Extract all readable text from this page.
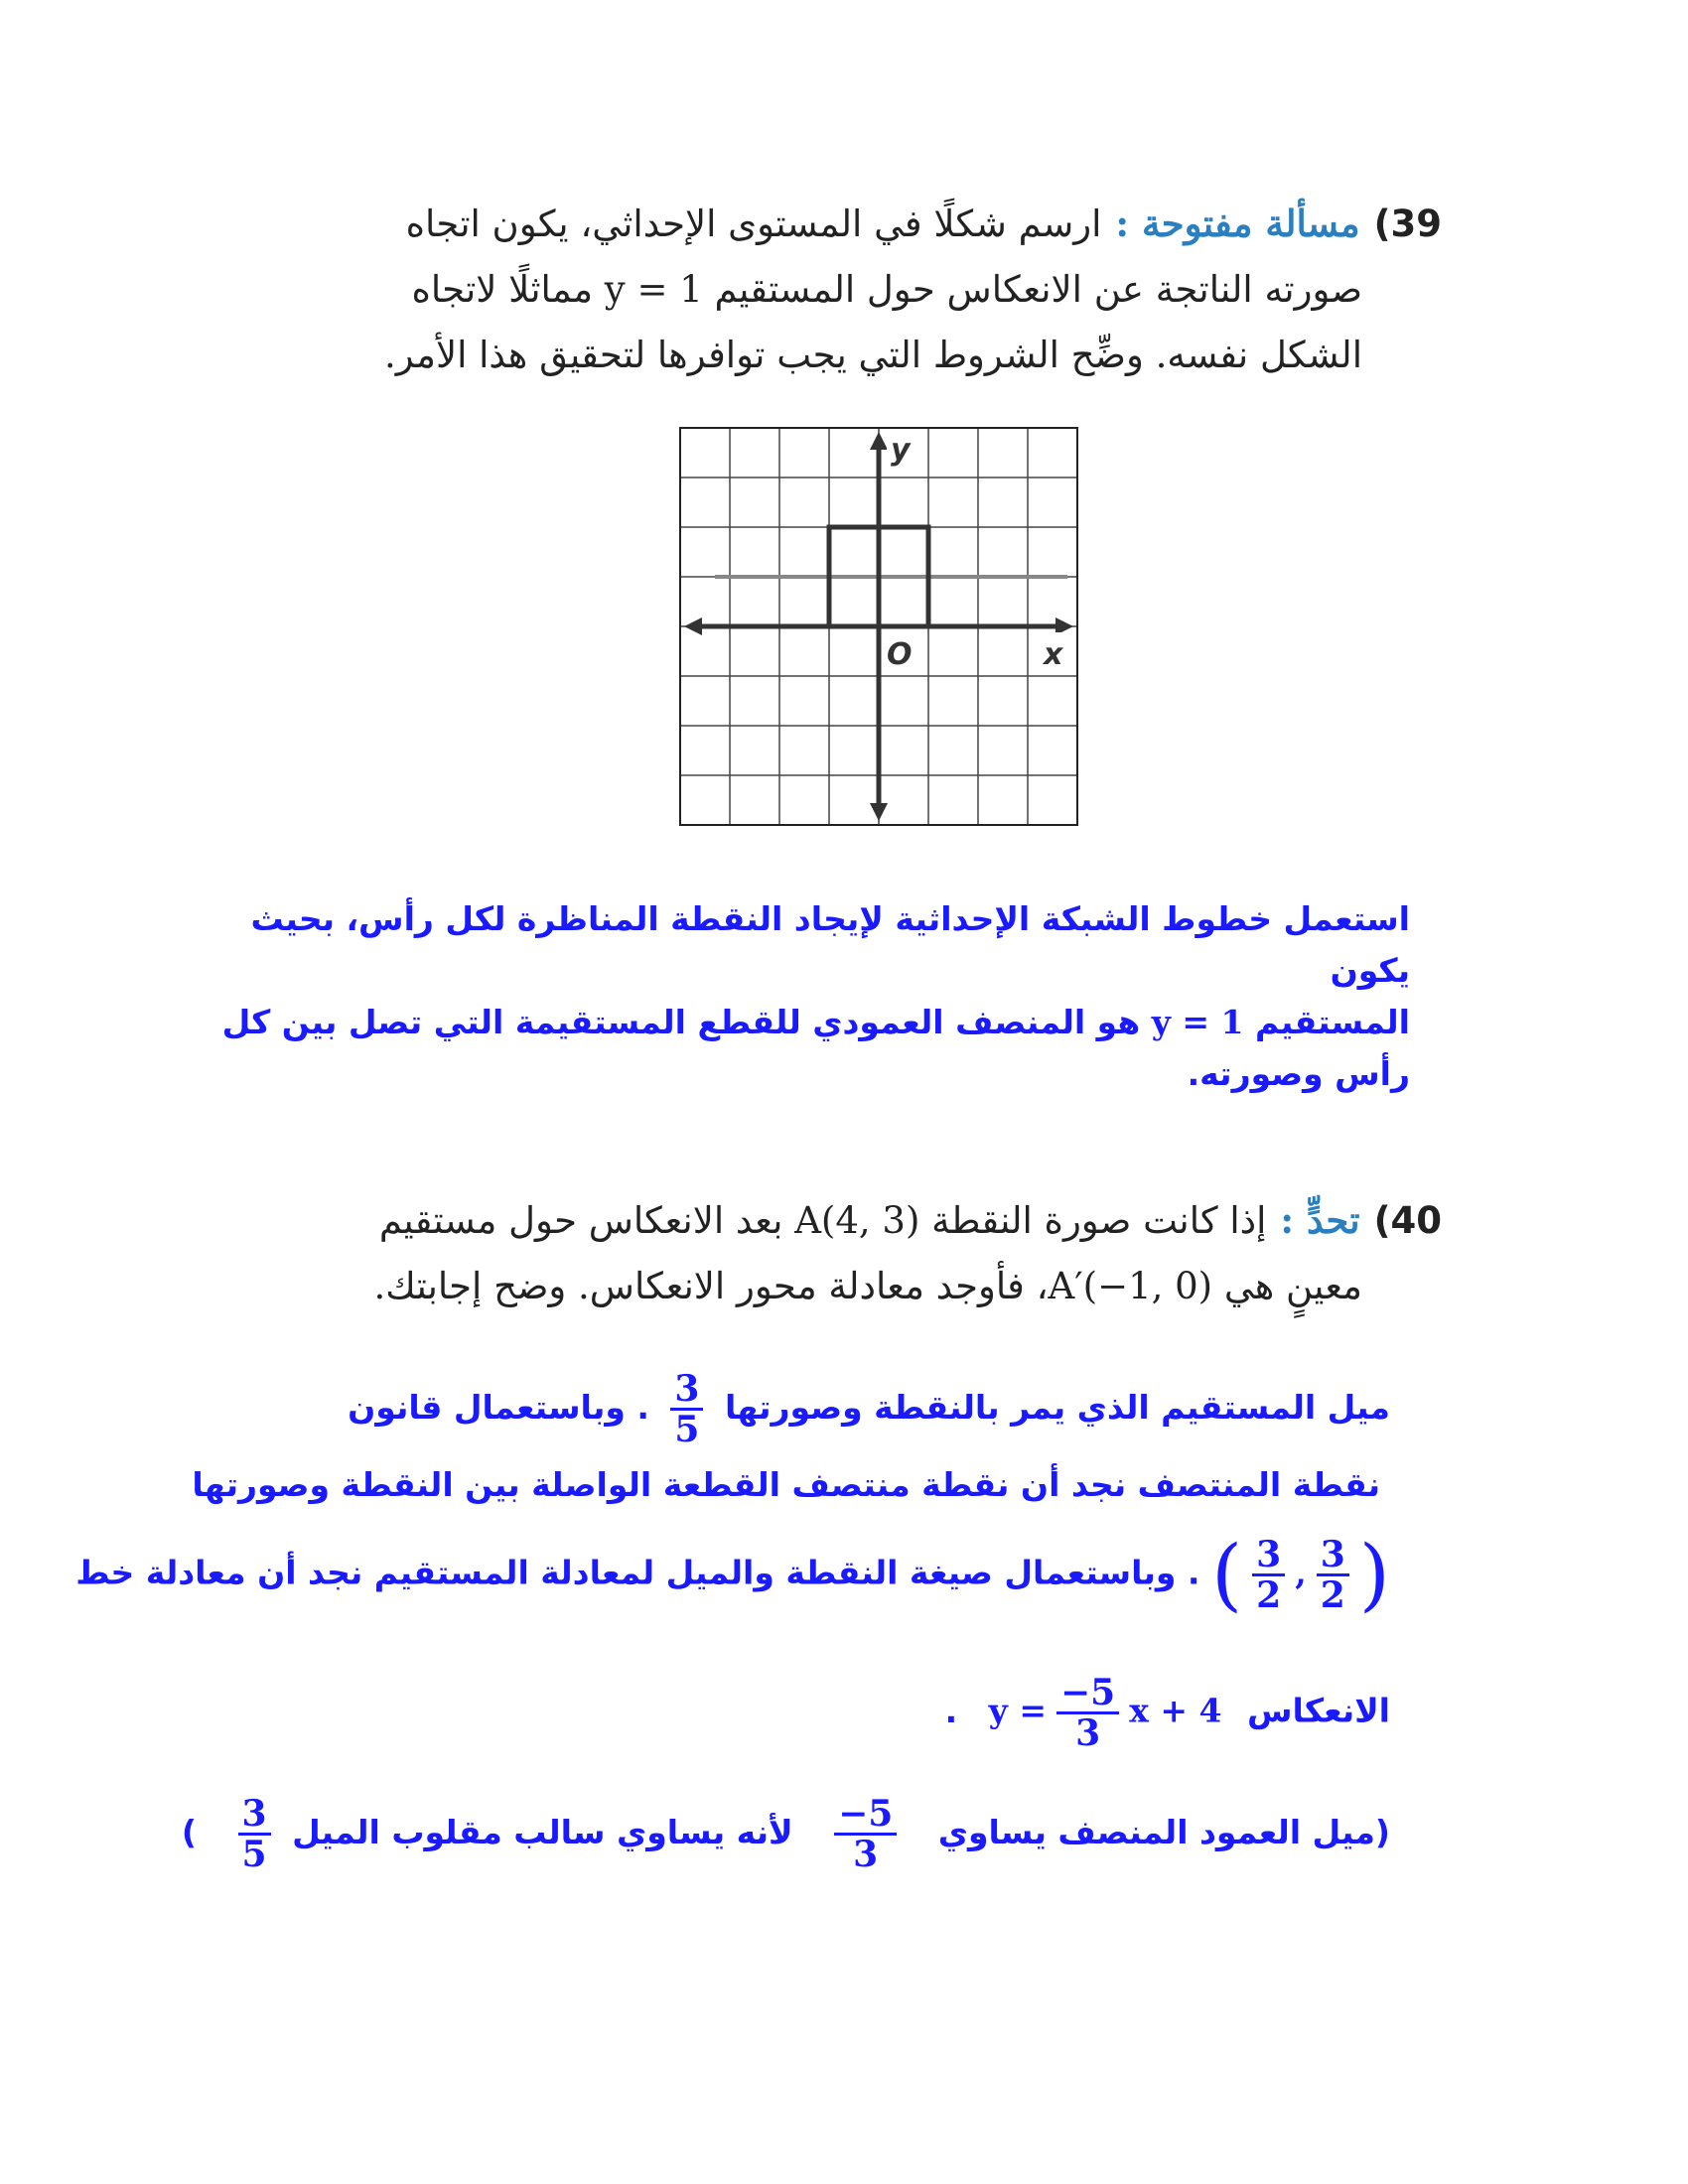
39)مسألة مفتوحة :ارسم شكلًا في المستوى الإحداثي، يكون اتجاه
صورته الناتجة عن الانعكاس حول المستقيم y = 1 مماثلًا لاتجاه
الشكل نفسه. وضِّح الشروط التي يجب توافرها لتحقيق هذا الأمر.
y
O	x
استعمل خطوط الشبكة الإحداثية لإيجاد النقطة المناظرة لكل رأس، بحيث يكون
المستقيم y = 1 هو المنصف العمودي للقطع المستقيمة التي تصل بين كل
رأس وصورته.
40)تحدٍّ :إذا كانت صورة النقطة A(4, 3) بعد الانعكاس حول مستقيم
معينٍ هي A′(−1, 0)، فأوجد معادلة محور الانعكاس. وضح إجابتك.
ميل المستقيم الذي يمر بالنقطة وصورتها
$\frac{3}{5}$
. وباستعمال قانون
نقطة المنتصف نجد أن نقطة منتصف القطعة الواصلة بين النقطة وصورتها
(
$\frac{3}{2}$
,
$\frac{3}{2}$
) . وباستعمال صيغة النقطة والميل لمعادلة المستقيم نجد أن معادلة خط
الانعكاس $y = \frac{-5}{3}$ x + 4 .
(ميل العمود المنصف يساوي
$\frac{-5}{3}$
لأنه يساوي سالب مقلوب الميل
$\frac{3}{5}$
)
